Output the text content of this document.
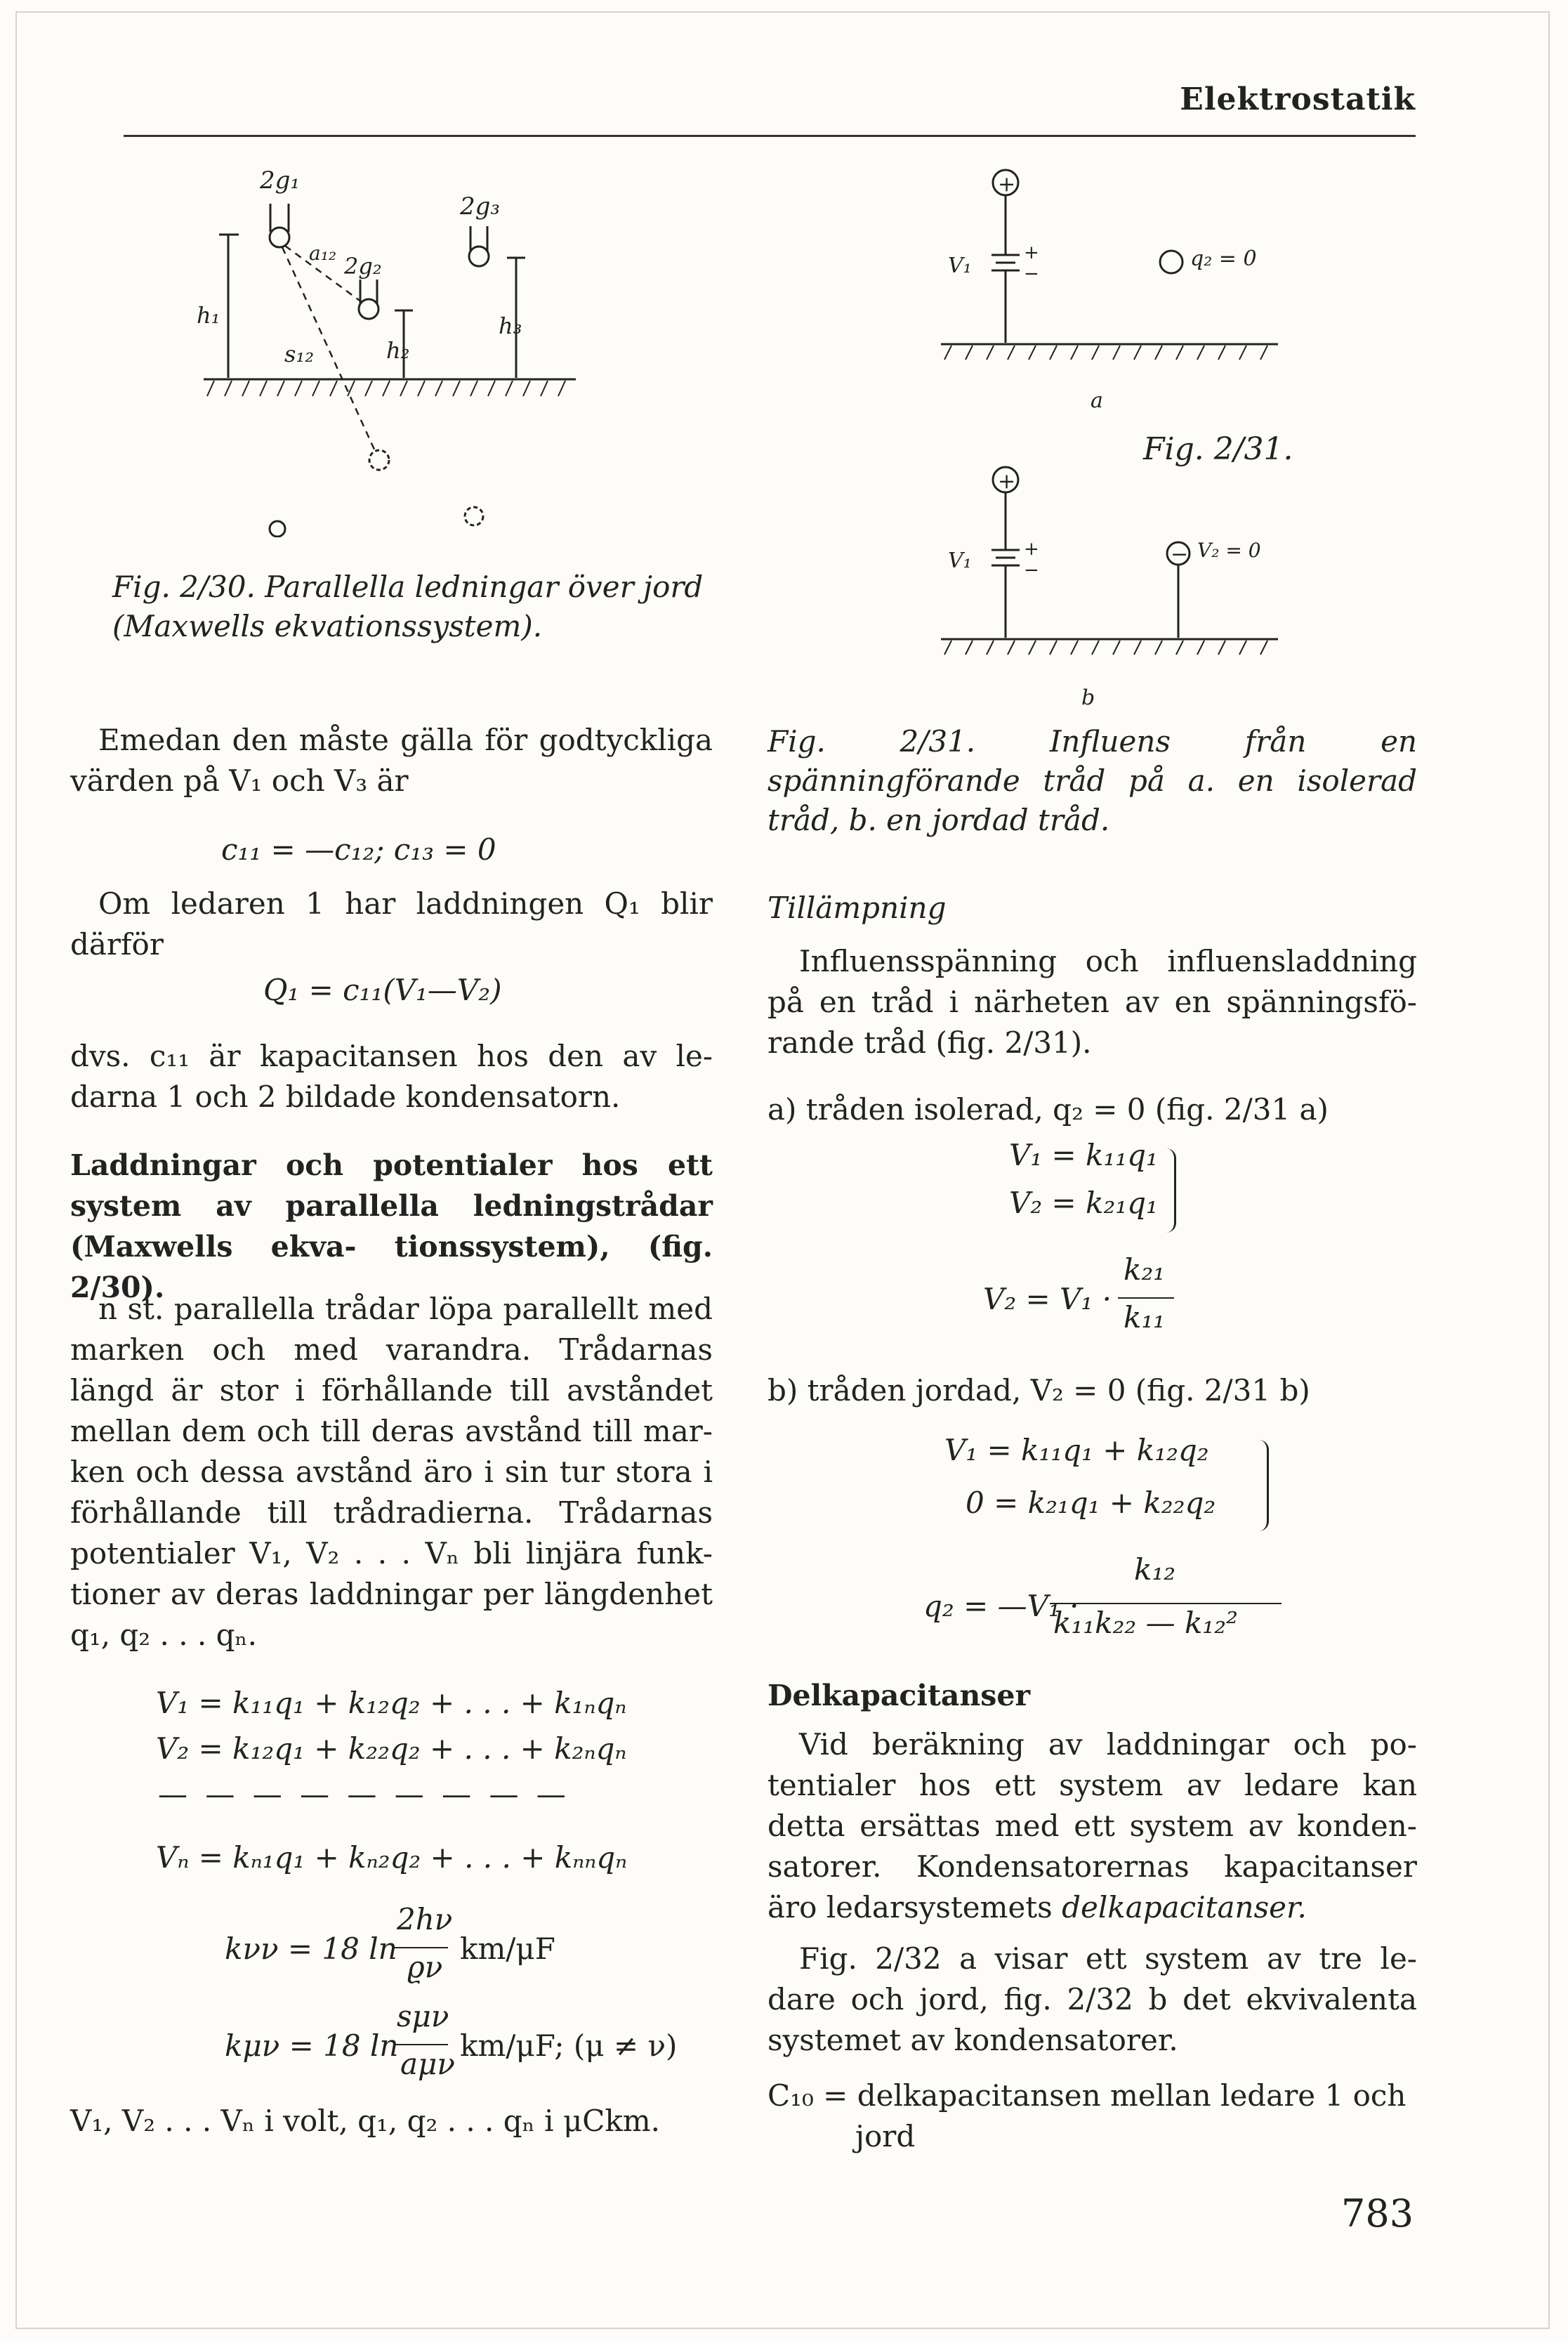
Elektrostatik
2g₁
a₁₂ 2g₂
2g₃
h₁
h₂
h₃
s₁₂
Fig. 2/30. Parallella ledningar över jord (Maxwells ekvationssystem).
+
+
−
+
−
+
−
V₁
V₁
q₂ = 0
V₂ = 0
a
b
Fig. 2/31.
Fig. 2/31. Influens från en spänningförande tråd på a. en isolerad tråd, b. en jordad tråd.
Emedan den måste gälla för godtyckliga värden på V₁ och V₃ är
c₁₁ = —c₁₂; c₁₃ = 0
Om ledaren 1 har laddningen Q₁ blir därför
Q₁ = c₁₁(V₁—V₂)
dvs. c₁₁ är kapacitansen hos den av le- darna 1 och 2 bildade kondensatorn.
Laddningar och potentialer hos ett system av parallella ledningstrådar (Maxwells ekva- tionssystem), (fig. 2/30).
n st. parallella trådar löpa parallellt med marken och med varandra. Trådarnas längd är stor i förhållande till avståndet mellan dem och till deras avstånd till mar- ken och dessa avstånd äro i sin tur stora i förhållande till trådradierna. Trådarnas potentialer V₁, V₂ . . . Vₙ bli linjära funk- tioner av deras laddningar per längdenhet q₁, q₂ . . . qₙ.
V₁ = k₁₁q₁ + k₁₂q₂ + . . . + k₁ₙqₙ
V₂ = k₁₂q₁ + k₂₂q₂ + . . . + k₂ₙqₙ
— — — — — — — — —
Vₙ = kₙ₁q₁ + kₙ₂q₂ + . . . + kₙₙqₙ
kνν = 18 ln
2hν
ϱν
km/μF
kμν = 18 ln
sμν
aμν
km/μF; (μ ≠ ν)
V₁, V₂ . . . Vₙ i volt, q₁, q₂ . . . qₙ i μCkm.
Tillämpning
Influensspänning och influensladdning på en tråd i närheten av en spänningsfö- rande tråd (fig. 2/31).
a) tråden isolerad, q₂ = 0 (fig. 2/31 a)
V₁ = k₁₁q₁
V₂ = k₂₁q₁
V₂ = V₁ ·
k₂₁
k₁₁
b) tråden jordad, V₂ = 0 (fig. 2/31 b)
V₁ = k₁₁q₁ + k₁₂q₂
0 = k₂₁q₁ + k₂₂q₂
q₂ = —V₁ ·
k₁₂
k₁₁k₂₂ — k₁₂²
Delkapacitanser
Vid beräkning av laddningar och po- tentialer hos ett system av ledare kan detta ersättas med ett system av konden- satorer. Kondensatorernas kapacitanser äro ledarsystemets delkapacitanser.
Fig. 2/32 a visar ett system av tre le- dare och jord, fig. 2/32 b det ekvivalenta systemet av kondensatorer.
C₁₀ = delkapacitansen mellan ledare 1 och jord
783
